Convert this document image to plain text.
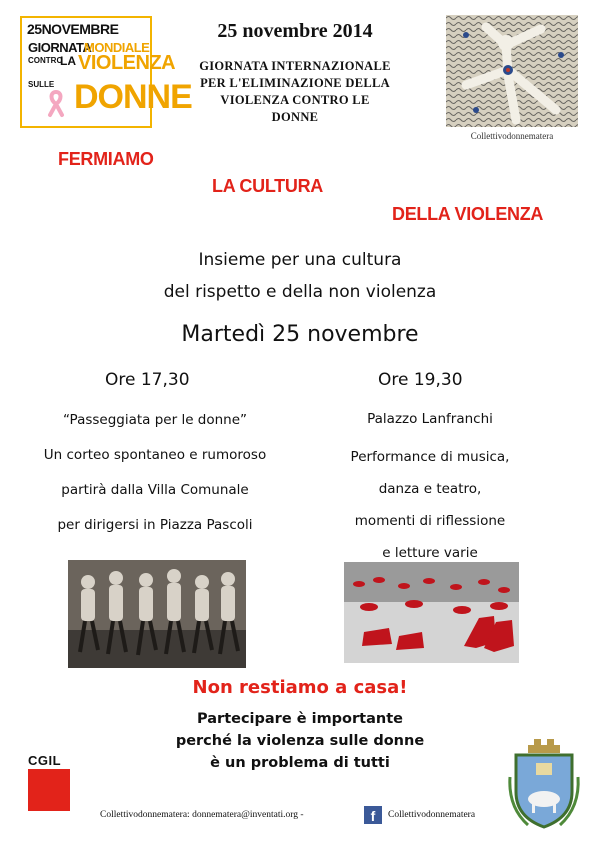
25NOVEMBRE
GIORNATA
MONDIALE
CONTRO
LA VIOLENZA
SULLE DONNE
25 novembre 2014
GIORNATA INTERNAZIONALE
PER L'ELIMINAZIONE DELLA
VIOLENZA CONTRO LE
DONNE
Collettivodonnematera
FERMIAMO
LA CULTURA
DELLA VIOLENZA
Insieme per una cultura
del rispetto e della non violenza
Martedì 25 novembre
Ore 17,30	Ore 19,30
“Passeggiata per le donne”
Un corteo spontaneo e rumoroso
partirà dalla Villa Comunale
per dirigersi in Piazza Pascoli
Palazzo Lanfranchi
Performance di musica,
danza e teatro,
momenti di riflessione
e letture varie
Non restiamo a casa!
Partecipare è importante
perché la violenza sulle donne
è un problema di tutti
CGIL
Collettivodonnematera: donnematera@inventati.org -	f	Collettivodonnematera
